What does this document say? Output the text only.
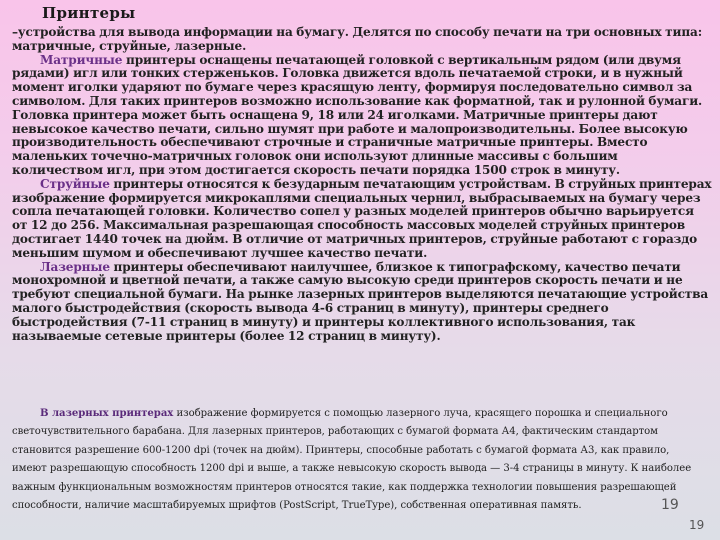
Принтеры

–устройства для вывода информации на бумагу. Делятся по способу печати на три основных типа: матричные, струйные, лазерные.

Матричные принтеры оснащены печатающей головкой с вертикальным рядом (или двумя рядами) игл или тонких стерженьков. Головка движется вдоль печатаемой строки, и в нужный момент иголки ударяют по бумаге через красящую ленту, формируя последовательно символ за символом. Для таких принтеров возможно использование как форматной, так и рулонной бумаги. Головка принтера может быть оснащена 9, 18 или 24 иголками. Матричные принтеры дают невысокое качество печати, сильно шумят при работе и малопроизводительны. Более высокую производительность обеспечивают строчные и страничные матричные принтеры. Вместо маленьких точечно-матричных головок они используют длинные массивы с большим количеством игл, при этом достигается скорость печати порядка 1500 строк в минуту.

Струйные принтеры относятся к безударным печатающим устройствам. В струйных принтерах изображение формируется микрокаплями специальных чернил, выбрасываемых на бумагу через сопла печатающей головки. Количество сопел у разных моделей принтеров обычно варьируется от 12 до 256. Максимальная разрешающая способность массовых моделей струйных принтеров достигает 1440 точек на дюйм. В отличие от матричных принтеров, струйные работают с гораздо меньшим шумом и обеспечивают лучшее качество печати.

Лазерные принтеры обеспечивают наилучшее, близкое к типографскому, качество печати монохромной и цветной печати, а также самую высокую среди принтеров скорость печати и не требуют специальной бумаги. На рынке лазерных принтеров выделяются печатающие устройства малого быстродействия (скорость вывода 4-6 страниц в минуту), принтеры среднего быстродействия (7-11 страниц в минуту) и принтеры коллективного использования, так называемые сетевые принтеры (более 12 страниц в минуту).

В лазерных принтерах изображение формируется с помощью лазерного луча, красящего порошка и специального светочувствительного барабана. Для лазерных принтеров, работающих с бумагой формата А4, фактическим стандартом становится разрешение 600-1200 dpi (точек на дюйм). Принтеры, способные работать с бумагой формата А3, как правило, имеют разрешающую способность 1200 dpi и выше, а также невысокую скорость вывода — 3-4 страницы в минуту. К наиболее важным функциональным возможностям принтеров относятся такие, как поддержка технологии повышения разрешающей способности, наличие масштабируемых шрифтов (PostScript, TrueType), собственная оперативная память.	19
19
